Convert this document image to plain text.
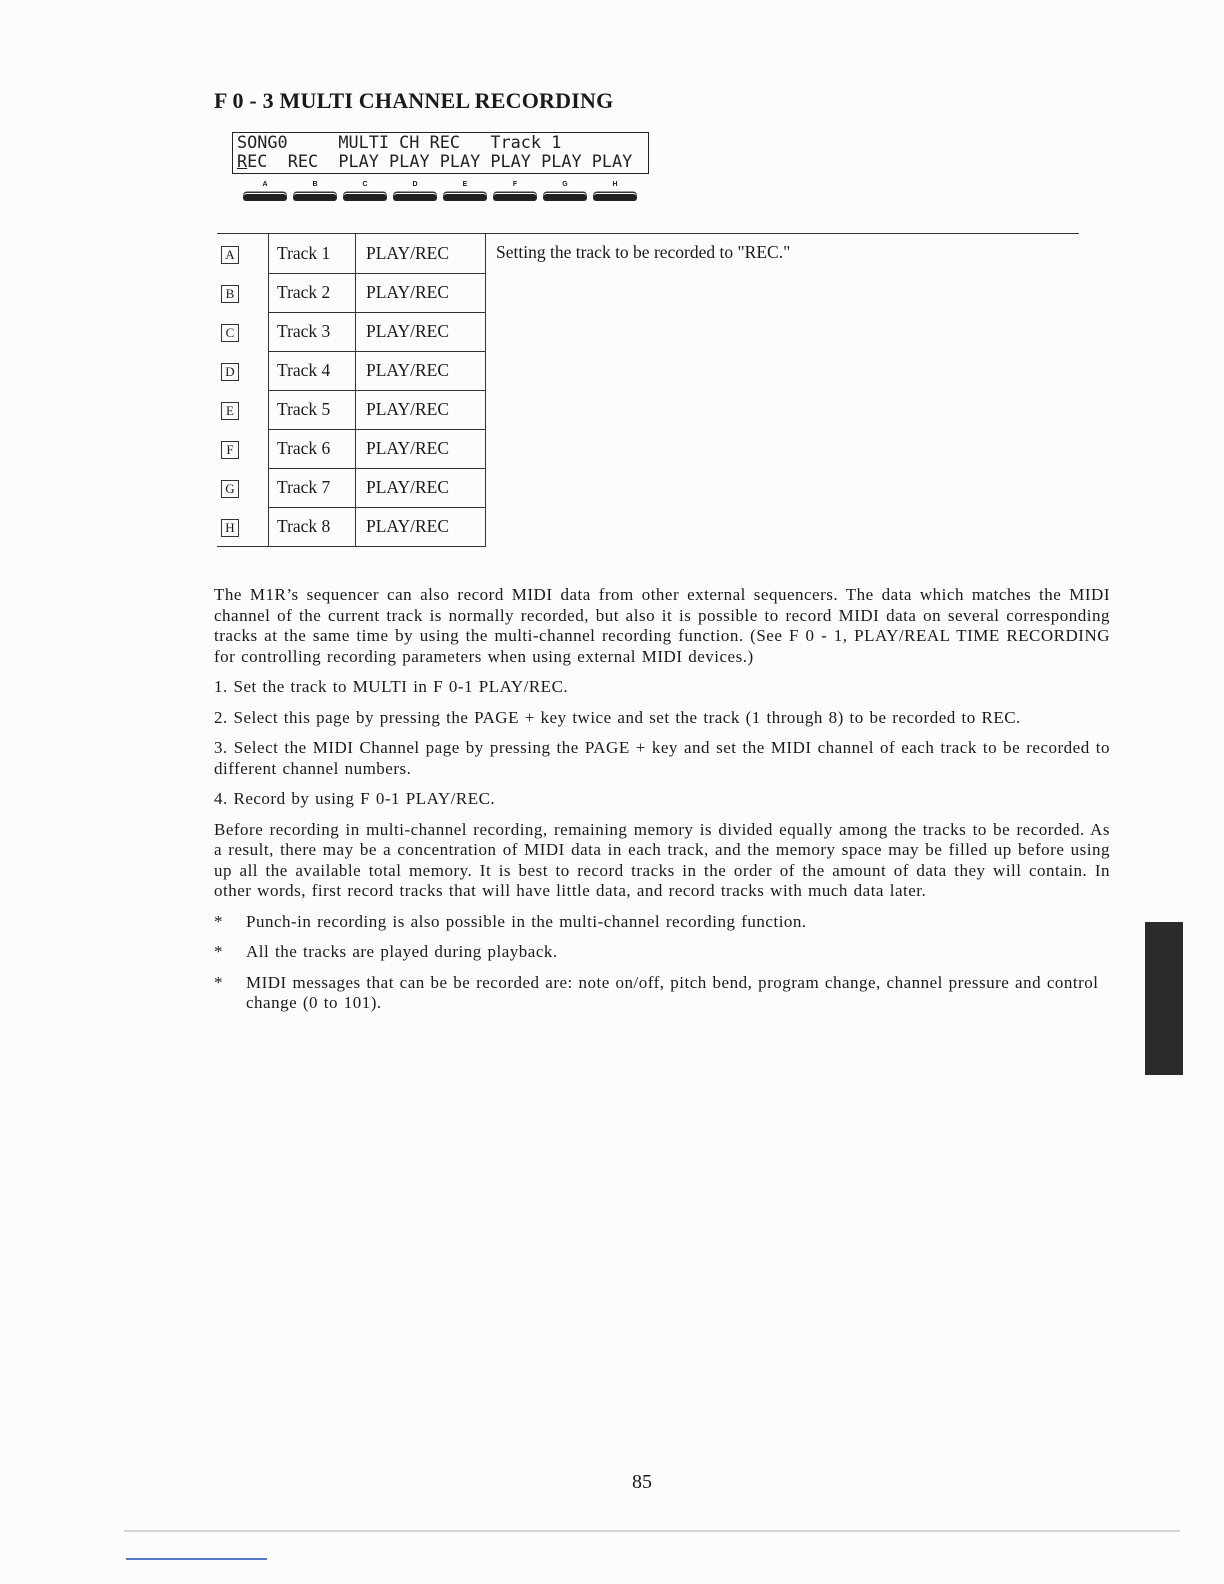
F 0 - 3 MULTI CHANNEL RECORDING
SONG0     MULTI CH REC   Track 1
REC  REC  PLAY PLAY PLAY PLAY PLAY PLAY
A	B	C	D	E	F	G	H
A	Track 1	PLAY/REC	Setting the track to be recorded to "REC."
B	Track 2	PLAY/REC	
C	Track 3	PLAY/REC	
D	Track 4	PLAY/REC	
E	Track 5	PLAY/REC	
F	Track 6	PLAY/REC	
G	Track 7	PLAY/REC	
H	Track 8	PLAY/REC	

The M1R’s sequencer can also record MIDI data from other external sequencers. The data which matches the MIDI channel of the current track is normally recorded, but also it is possible to record MIDI data on several corresponding tracks at the same time by using the multi-channel recording function. (See F 0 - 1, PLAY/REAL TIME RECORDING for controlling recording parameters when using external MIDI devices.)

1. Set the track to MULTI in F 0-1 PLAY/REC.

2. Select this page by pressing the PAGE + key twice and set the track (1 through 8) to be recorded to REC.

3. Select the MIDI Channel page by pressing the PAGE + key and set the MIDI channel of each track to be recorded to different channel numbers.

4. Record by using F 0-1 PLAY/REC.

Before recording in multi-channel recording, remaining memory is divided equally among the tracks to be recorded. As a result, there may be a concentration of MIDI data in each track, and the memory space may be filled up before using up all the available total memory. It is best to record tracks in the order of the amount of data they will contain. In other words, first record tracks that will have little data, and record tracks with much data later.

* Punch-in recording is also possible in the multi-channel recording function.
* All the tracks are played during playback.
* MIDI messages that can be be recorded are: note on/off, pitch bend, program change, channel pressure and control change (0 to 101).
85
